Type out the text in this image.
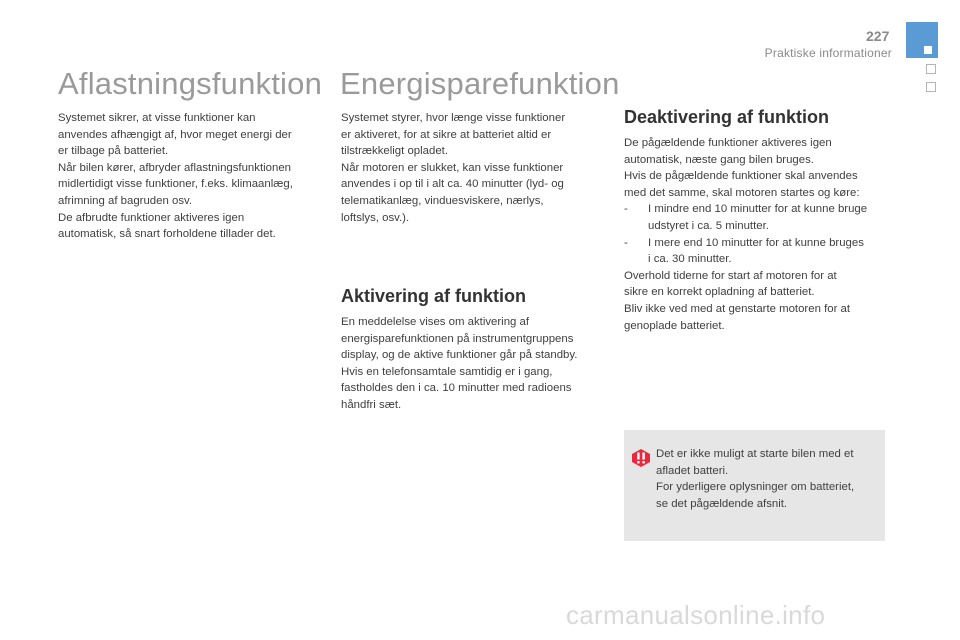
227
Praktiske informationer
Aflastningsfunktion

Systemet sikrer, at visse funktioner kan

anvendes afhængigt af, hvor meget energi der

er tilbage på batteriet.

Når bilen kører, afbryder aflastningsfunktionen

midlertidigt visse funktioner, f.eks. klimaanlæg,

afrimning af bagruden osv.

De afbrudte funktioner aktiveres igen

automatisk, så snart forholdene tillader det.

Energisparefunktion

Systemet styrer, hvor længe visse funktioner

er aktiveret, for at sikre at batteriet altid er

tilstrækkeligt opladet.

Når motoren er slukket, kan visse funktioner

anvendes i op til i alt ca. 40 minutter (lyd- og

telematikanlæg, vinduesviskere, nærlys,

loftslys, osv.).

Aktivering af funktion

En meddelelse vises om aktivering af

energisparefunktionen på instrumentgruppens

display, og de aktive funktioner går på standby.

Hvis en telefonsamtale samtidig er i gang,

fastholdes den i ca. 10 minutter med radioens

håndfri sæt.

Deaktivering af funktion

De pågældende funktioner aktiveres igen

automatisk, næste gang bilen bruges.

Hvis de pågældende funktioner skal anvendes

med det samme, skal motoren startes og køre:

- I mindre end 10 minutter for at kunne bruge

udstyret i ca. 5 minutter.

- I mere end 10 minutter for at kunne bruges

i ca. 30 minutter.

Overhold tiderne for start af motoren for at

sikre en korrekt opladning af batteriet.

Bliv ikke ved med at genstarte motoren for at

genoplade batteriet.

Det er ikke muligt at starte bilen med et

afladet batteri.

For yderligere oplysninger om batteriet,

se det pågældende afsnit.

carmanualsonline.info
